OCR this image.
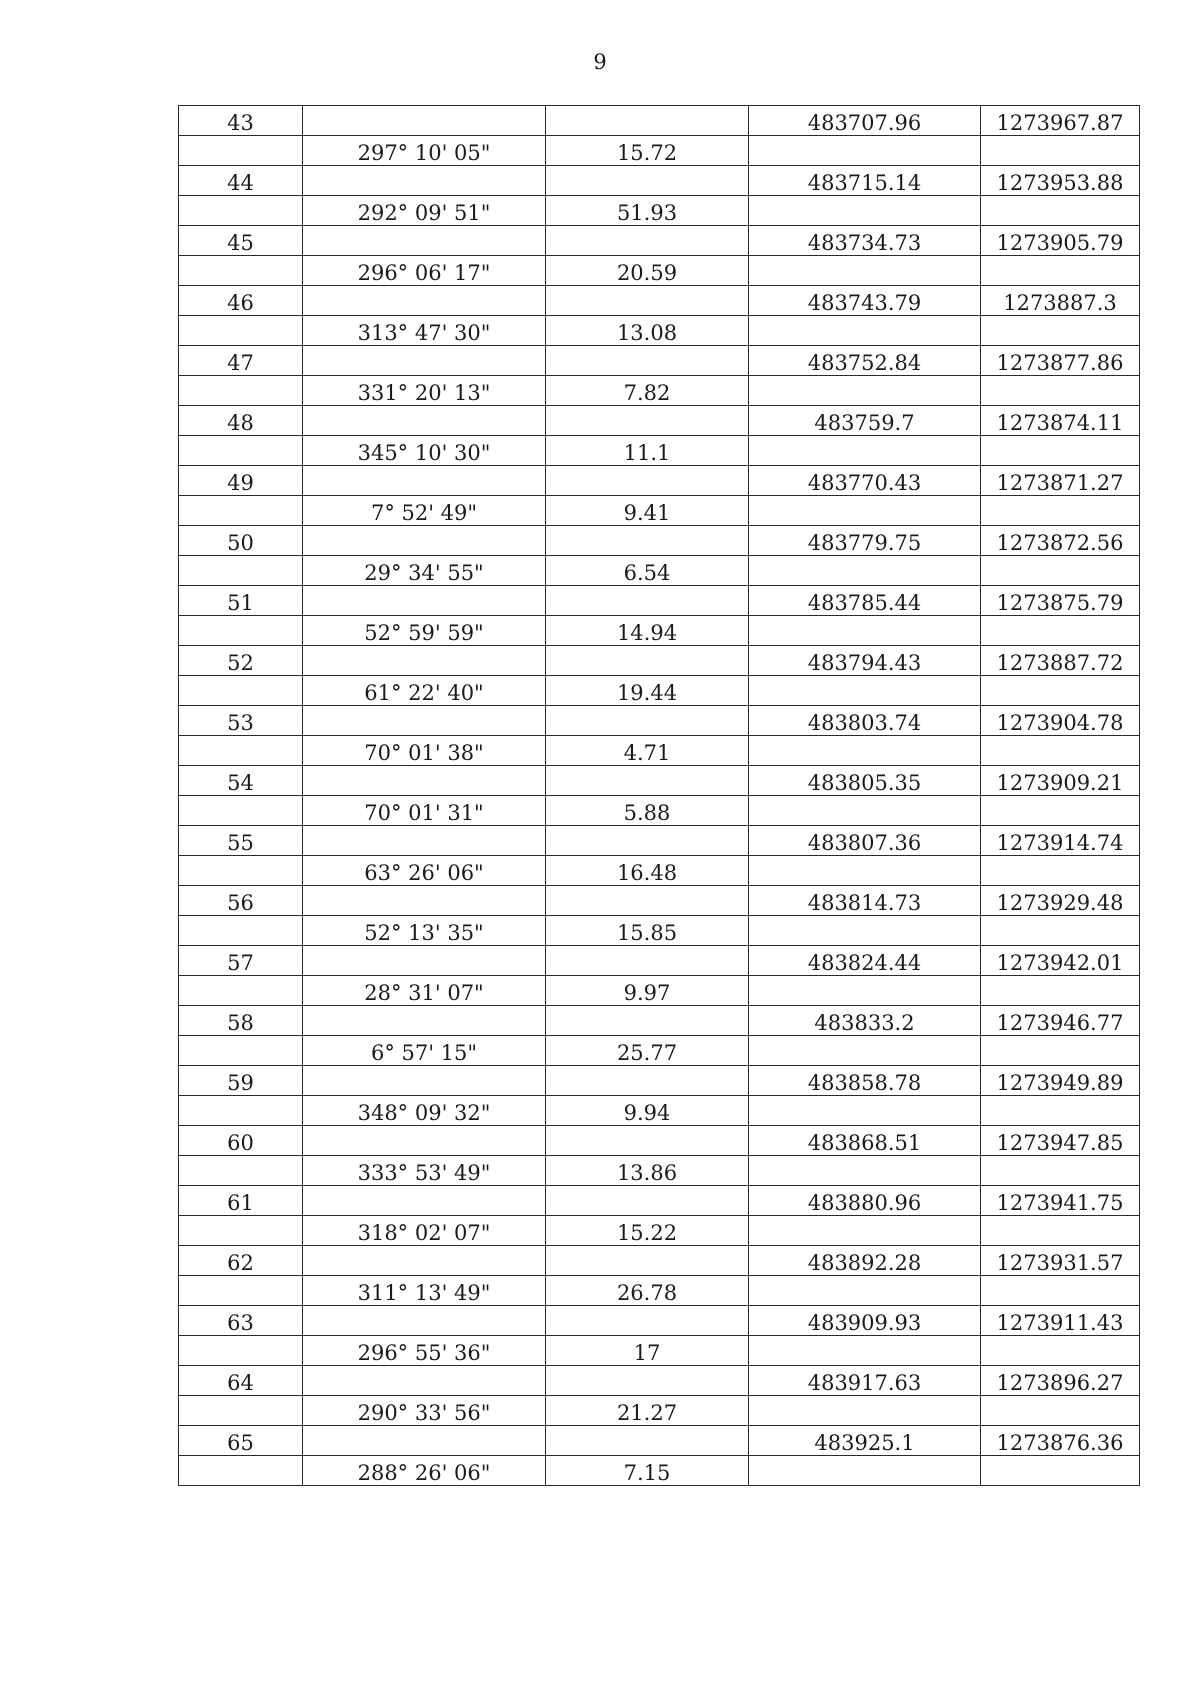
9
43			483707.96	1273967.87
	297° 10' 05"	15.72		
44			483715.14	1273953.88
	292° 09' 51"	51.93		
45			483734.73	1273905.79
	296° 06' 17"	20.59		
46			483743.79	1273887.3
	313° 47' 30"	13.08		
47			483752.84	1273877.86
	331° 20' 13"	7.82		
48			483759.7	1273874.11
	345° 10' 30"	11.1		
49			483770.43	1273871.27
	7° 52' 49"	9.41		
50			483779.75	1273872.56
	29° 34' 55"	6.54		
51			483785.44	1273875.79
	52° 59' 59"	14.94		
52			483794.43	1273887.72
	61° 22' 40"	19.44		
53			483803.74	1273904.78
	70° 01' 38"	4.71		
54			483805.35	1273909.21
	70° 01' 31"	5.88		
55			483807.36	1273914.74
	63° 26' 06"	16.48		
56			483814.73	1273929.48
	52° 13' 35"	15.85		
57			483824.44	1273942.01
	28° 31' 07"	9.97		
58			483833.2	1273946.77
	6° 57' 15"	25.77		
59			483858.78	1273949.89
	348° 09' 32"	9.94		
60			483868.51	1273947.85
	333° 53' 49"	13.86		
61			483880.96	1273941.75
	318° 02' 07"	15.22		
62			483892.28	1273931.57
	311° 13' 49"	26.78		
63			483909.93	1273911.43
	296° 55' 36"	17		
64			483917.63	1273896.27
	290° 33' 56"	21.27		
65			483925.1	1273876.36
	288° 26' 06"	7.15		
